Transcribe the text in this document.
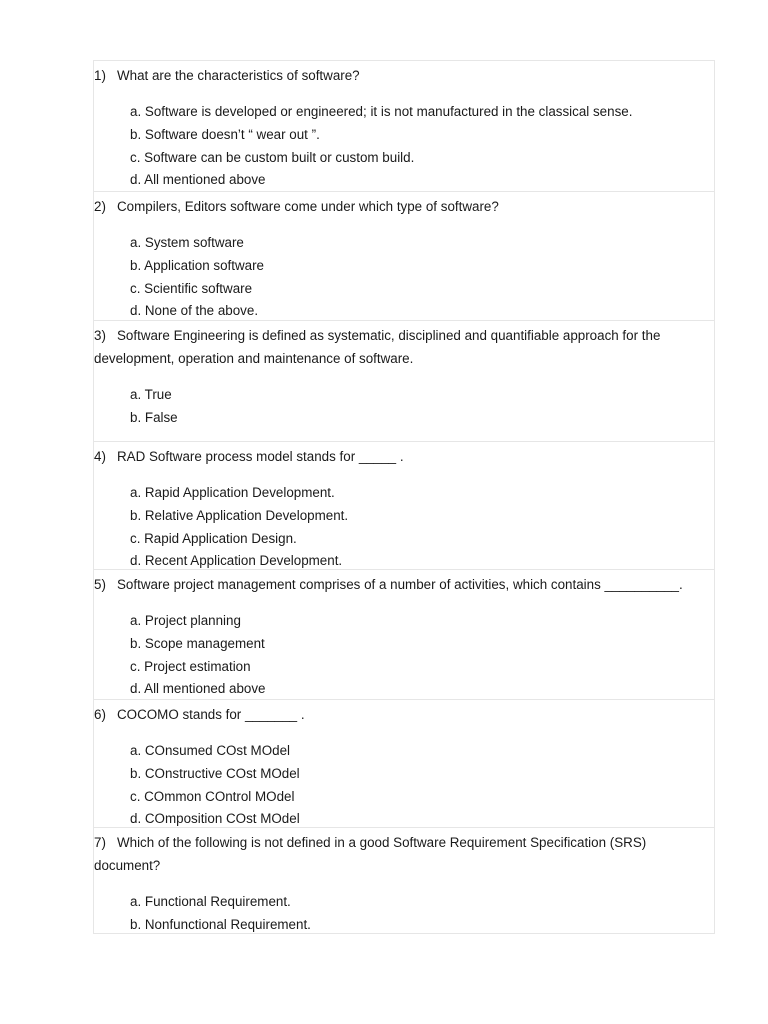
1) What are the characteristics of software?
a. Software is developed or engineered; it is not manufactured in the classical sense.
b. Software doesn’t “ wear out ”.
c. Software can be custom built or custom build.
d. All mentioned above
2) Compilers, Editors software come under which type of software?
a. System software
b. Application software
c. Scientific software
d. None of the above.
3) Software Engineering is defined as systematic, disciplined and quantifiable approach for the development, operation and maintenance of software.
a. True
b. False
4) RAD Software process model stands for _____ .
a. Rapid Application Development.
b. Relative Application Development.
c. Rapid Application Design.
d. Recent Application Development.
5) Software project management comprises of a number of activities, which contains __________.
a. Project planning
b. Scope management
c. Project estimation
d. All mentioned above
6) COCOMO stands for _______ .
a. COnsumed COst MOdel
b. COnstructive COst MOdel
c. COmmon COntrol MOdel
d. COmposition COst MOdel
7) Which of the following is not defined in a good Software Requirement Specification (SRS) document?
a. Functional Requirement.
b. Nonfunctional Requirement.
